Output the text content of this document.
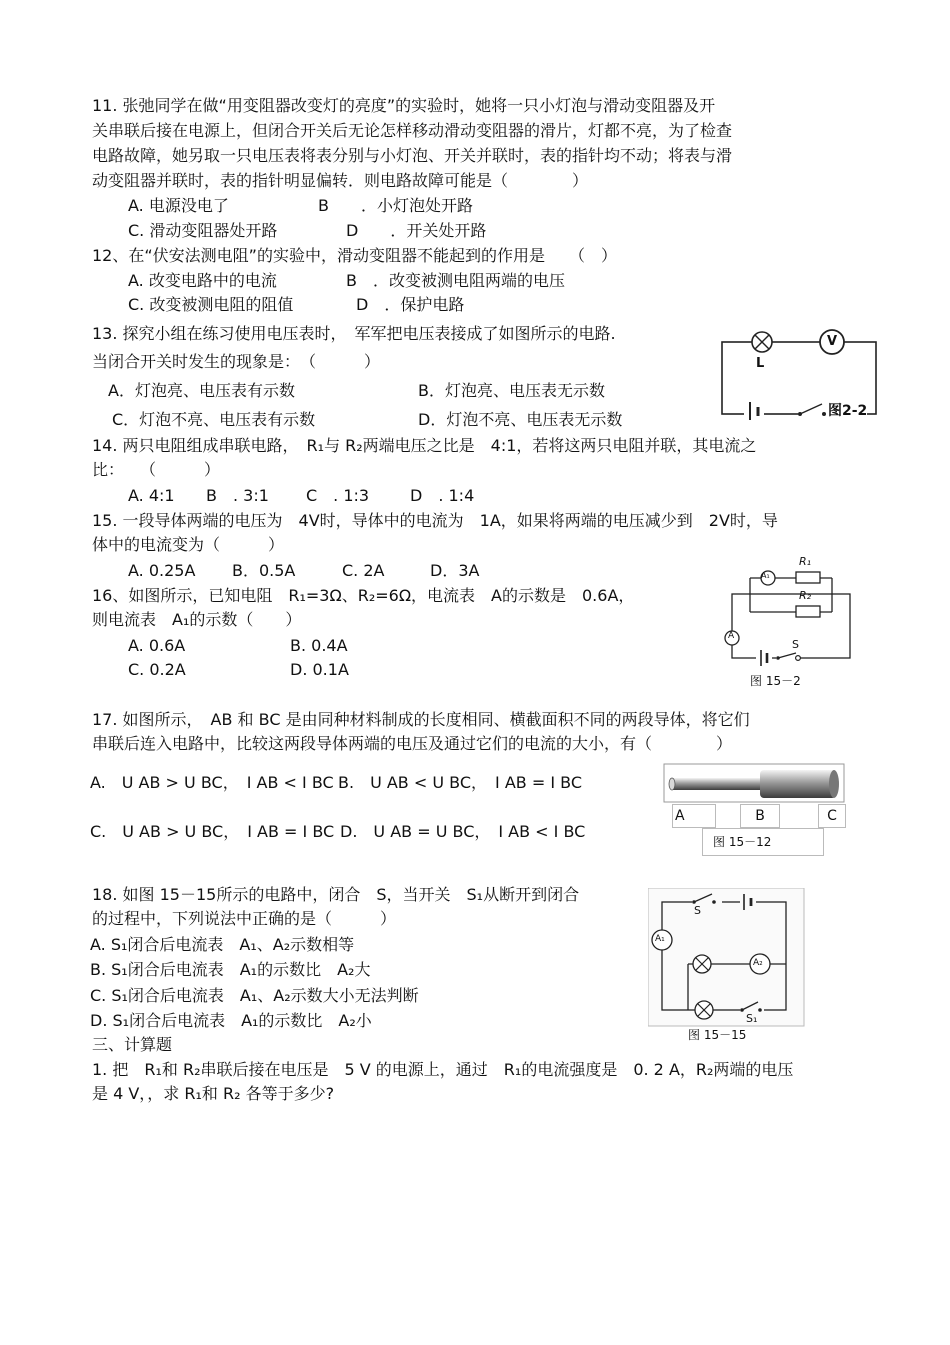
11. 张弛同学在做“用变阻器改变灯的亮度”的实验时，她将一只小灯泡与滑动变阻器及开
关串联后接在电源上，但闭合开关后无论怎样移动滑动变阻器的滑片，灯都不亮，为了检查
电路故障，她另取一只电压表将表分别与小灯泡、开关并联时，表的指针均不动；将表与滑
动变阻器并联时，表的指针明显偏转．则电路故障可能是（　　　　）
A. 电源没电了	B　　．小灯泡处开路
C. 滑动变阻器处开路	D　　．开关处开路
12、在“伏安法测电阻”的实验中，滑动变阻器不能起到的作用是　　（　）
A. 改变电路中的电流	B　．改变被测电阻两端的电压
C. 改变被测电阻的阻值	D　．保护电路
13. 探究小组在练习使用电压表时，　军军把电压表接成了如图所示的电路.
当闭合开关时发生的现象是：　（　　　）
A．灯泡亮、电压表有示数	B．灯泡亮、电压表无示数
C．灯泡不亮、电压表有示数	D．灯泡不亮、电压表无示数
L
V
图2-2
14. 两只电阻组成串联电路，　R₁与 R₂两端电压之比是　4:1，若将这两只电阻并联，其电流之
比：　　（　　　）
A. 4:1 B　. 3:1 C　. 1:3	D　. 1:4
15. 一段导体两端的电压为　4V时，导体中的电流为　1A，如果将两端的电压减少到　2V时，导
体中的电流变为（　　　）
A. 0.25A B．0.5A	C. 2A	D．3A
16、如图所示，已知电阻　R₁=3Ω、R₂=6Ω，电流表　A的示数是　0.6A，
则电流表　A₁的示数（　　）
A. 0.6A	B. 0.4A
C. 0.2A	D. 0.1A
R₁
R₂
A₁
A
S
图 15－2
17. 如图所示，　AB 和 BC 是由同种材料制成的长度相同、横截面积不同的两段导体，将它们
串联后连入电路中，比较这两段导体两端的电压及通过它们的电流的大小，有（　　　　）
A.　U AB > U BC，　I AB < I BC B.　U AB < U BC，　I AB = I BC
C.　U AB > U BC，　I AB = I BC D.　U AB = U BC，　I AB < I BC
A	B	C
图 15－12
18. 如图 15－15所示的电路中，闭合　S，当开关　S₁从断开到闭合
的过程中，下列说法中正确的是（　　　）
A. S₁闭合后电流表　A₁、A₂示数相等
B. S₁闭合后电流表　A₁的示数比　A₂大
C. S₁闭合后电流表　A₁、A₂示数大小无法判断
D. S₁闭合后电流表　A₁的示数比　A₂小
S
S₁
A₁
A₂
图 15－15
三、计算题
1. 把　R₁和 R₂串联后接在电压是　5 V 的电源上，通过　R₁的电流强度是　0. 2 A，R₂两端的电压
是 4 V，，求 R₁和 R₂ 各等于多少?
